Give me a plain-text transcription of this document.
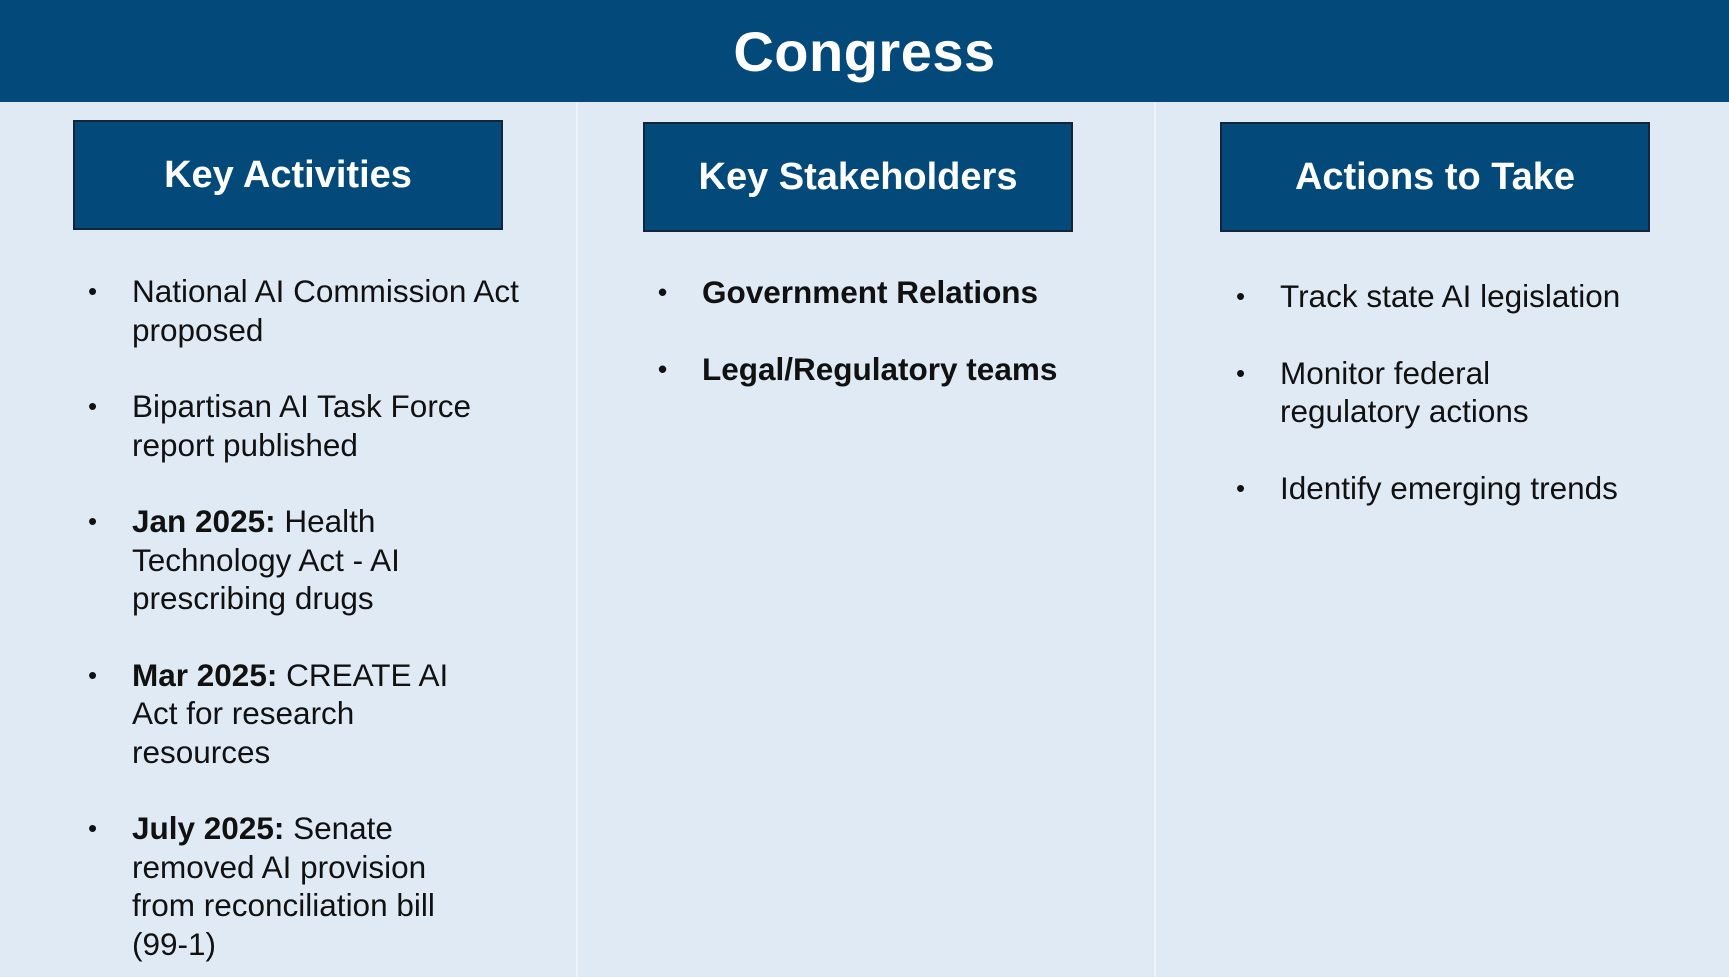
Congress
Key Activities
• National AI Commission Act proposed
• Bipartisan AI Task Force report published
• Jan 2025: Health Technology Act - AI prescribing drugs
• Mar 2025: CREATE AI Act for research resources
• July 2025: Senate removed AI provision from reconciliation bill (99-1)
Key Stakeholders
• Government Relations
• Legal/Regulatory teams
Actions to Take
• Track state AI legislation
• Monitor federal regulatory actions
• Identify emerging trends
